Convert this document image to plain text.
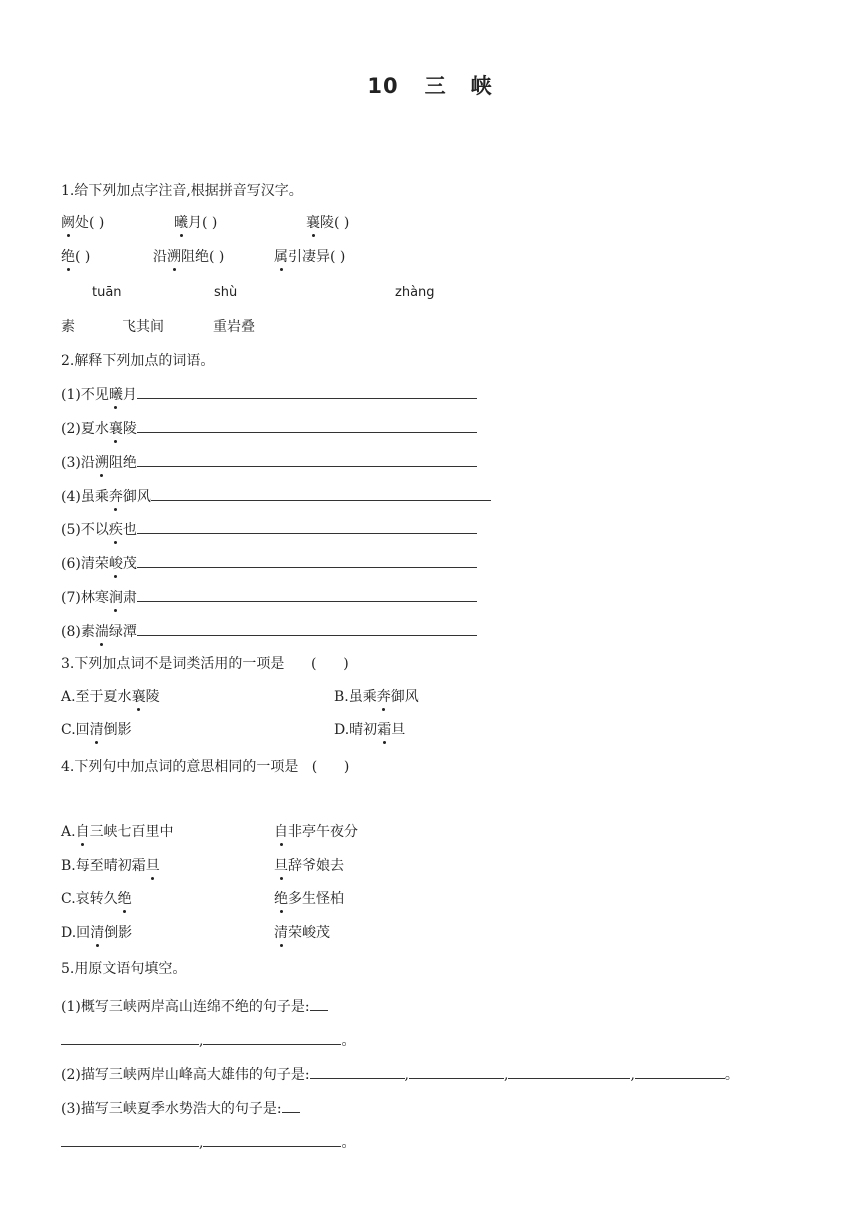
10 三 峡
1.给下列加点字注音,根据拼音写汉字。
阙处( )	曦月( )	襄陵( )
绝( )	沿溯阻绝( )	属引凄异( )
tuān	shù	zhàng
素	飞其间	重岩叠
2.解释下列加点的词语。
(1)不见曦月
(2)夏水襄陵
(3)沿溯阻绝
(4)虽乘奔御风
(5)不以疾也
(6)清荣峻茂
(7)林寒涧肃
(8)素湍绿潭
3.下列加点词不是词类活用的一项是      (      )
A.至于夏水襄陵	B.虽乘奔御风
C.回清倒影	D.晴初霜旦
4.下列句中加点词的意思相同的一项是   (      )
A.自三峡七百里中	自非亭午夜分
B.每至晴初霜旦	旦辞爷娘去
C.哀转久绝	绝多生怪柏
D.回清倒影	清荣峻茂
5.用原文语句填空。
(1)概写三峡两岸高山连绵不绝的句子是:
,	。
(2)描写三峡两岸山峰高大雄伟的句子是:	,	,	,	。
(3)描写三峡夏季水势浩大的句子是:
,	。
